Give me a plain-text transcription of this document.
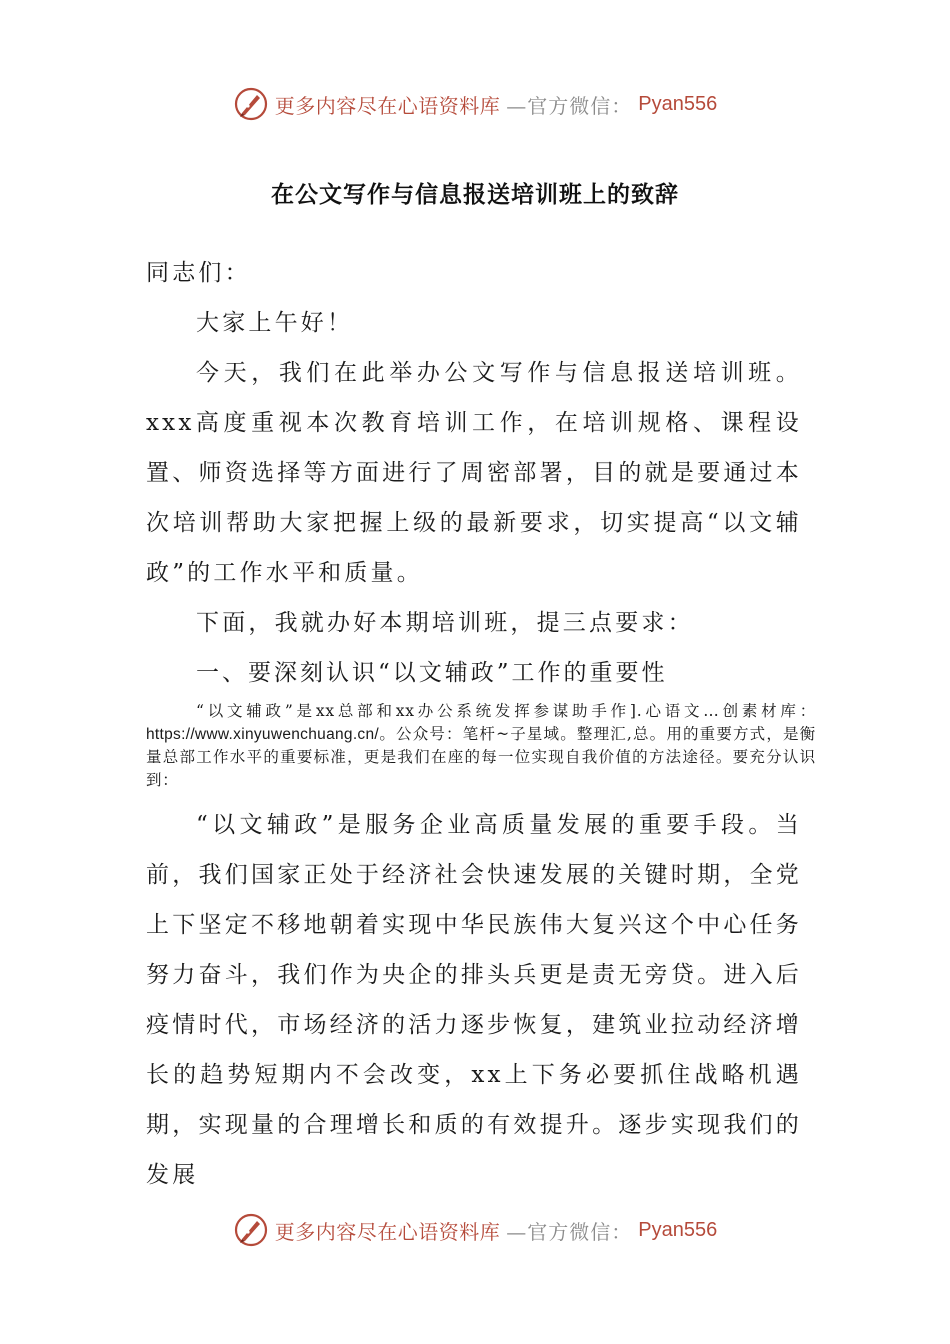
更多内容尽在心语资料库 —官方微信： Pyan556
在公文写作与信息报送培训班上的致辞

同志们：

大家上午好！

今天，我们在此举办公文写作与信息报送培训班。xxx高度重视本次教育培训工作，在培训规格、课程设置、师资选择等方面进行了周密部署，目的就是要通过本次培训帮助大家把握上级的最新要求，切实提高“以文辅政”的工作水平和质量。

下面，我就办好本期培训班，提三点要求：

一、要深刻认识“以文辅政”工作的重要性

“以文辅政”是xx总部和xx办公系统发挥参谋助手作].心语文…创素材库：https://www.xinyuwenchuang.cn/。公众号：笔杆~子星域。整理汇,总。用的重要方式，是衡量总部工作水平的重要标准，更是我们在座的每一位实现自我价值的方法途径。要充分认识到：

“以文辅政”是服务企业高质量发展的重要手段。当前，我们国家正处于经济社会快速发展的关键时期，全党上下坚定不移地朝着实现中华民族伟大复兴这个中心任务努力奋斗，我们作为央企的排头兵更是责无旁贷。进入后疫情时代，市场经济的活力逐步恢复，建筑业拉动经济增长的趋势短期内不会改变，xx上下务必要抓住战略机遇期，实现量的合理增长和质的有效提升。逐步实现我们的发展

更多内容尽在心语资料库 —官方微信： Pyan556
